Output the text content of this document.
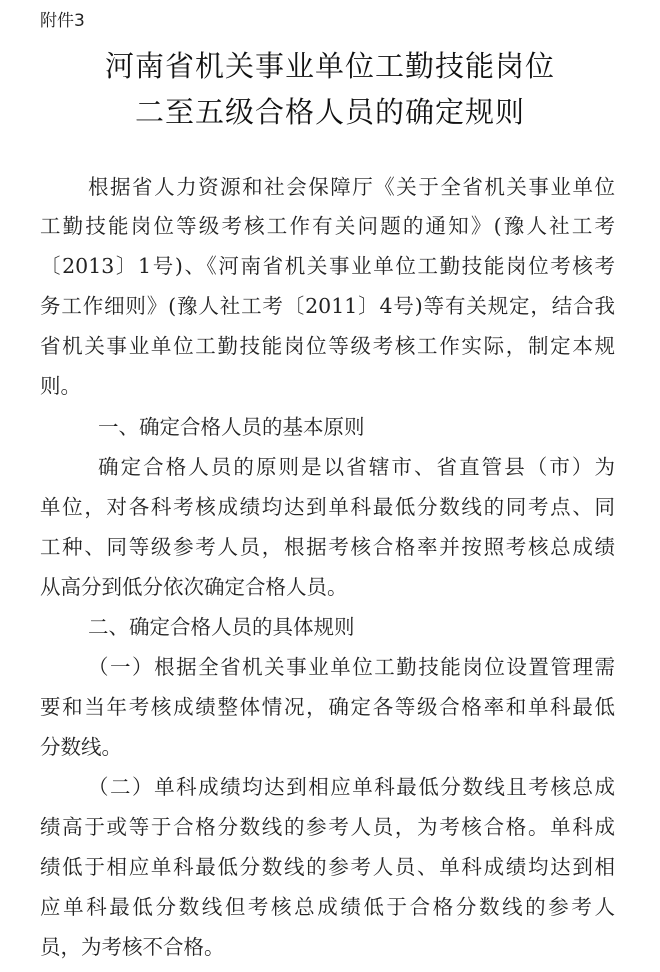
附件3
河南省机关事业单位工勤技能岗位
二至五级合格人员的确定规则
根据省人力资源和社会保障厅《关于全省机关事业单位
工勤技能岗位等级考核工作有关问题的通知》(豫人社工考
〔2013〕1号)、《河南省机关事业单位工勤技能岗位考核考
务工作细则》(豫人社工考〔2011〕4号)等有关规定，结合我
省机关事业单位工勤技能岗位等级考核工作实际，制定本规
则。
一、确定合格人员的基本原则
确定合格人员的原则是以省辖市、省直管县（市）为
单位，对各科考核成绩均达到单科最低分数线的同考点、同
工种、同等级参考人员，根据考核合格率并按照考核总成绩
从高分到低分依次确定合格人员。
二、确定合格人员的具体规则
（一）根据全省机关事业单位工勤技能岗位设置管理需
要和当年考核成绩整体情况，确定各等级合格率和单科最低
分数线。
（二）单科成绩均达到相应单科最低分数线且考核总成
绩高于或等于合格分数线的参考人员，为考核合格。单科成
绩低于相应单科最低分数线的参考人员、单科成绩均达到相
应单科最低分数线但考核总成绩低于合格分数线的参考人
员，为考核不合格。
